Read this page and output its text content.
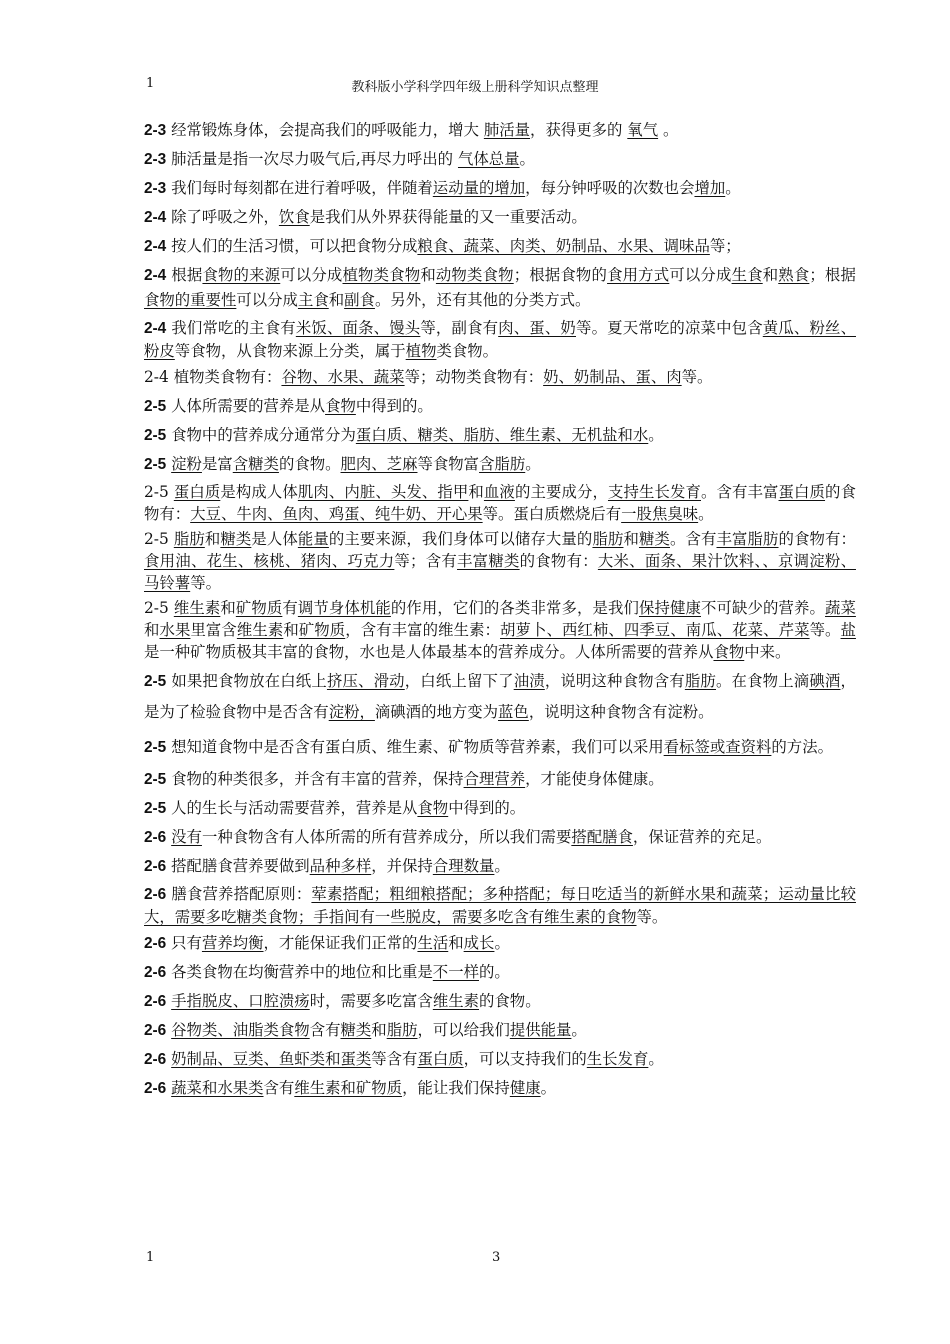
1	教科版小学科学四年级上册科学知识点整理

2-3 经常锻炼身体，会提高我们的呼吸能力，增大 肺活量，获得更多的 氧气 。

2-3 肺活量是指一次尽力吸气后,再尽力呼出的 气体总量。

2-3 我们每时每刻都在进行着呼吸，伴随着运动量的增加，每分钟呼吸的次数也会增加。

2-4 除了呼吸之外，饮食是我们从外界获得能量的又一重要活动。

2-4 按人们的生活习惯，可以把食物分成粮食、蔬菜、肉类、奶制品、水果、调味品等；

2-4 根据食物的来源可以分成植物类食物和动物类食物；根据食物的食用方式可以分成生食和熟食；根据食物的重要性可以分成主食和副食。另外，还有其他的分类方式。

2-4 我们常吃的主食有米饭、面条、馒头等，副食有肉、蛋、奶等。夏天常吃的凉菜中包含黄瓜、粉丝、粉皮等食物，从食物来源上分类，属于植物类食物。

2-4 植物类食物有：谷物、水果、蔬菜等；动物类食物有：奶、奶制品、蛋、肉等。

2-5 人体所需要的营养是从食物中得到的。

2-5 食物中的营养成分通常分为蛋白质、糖类、脂肪、维生素、无机盐和水。

2-5 淀粉是富含糖类的食物。肥肉、芝麻等食物富含脂肪。

2-5 蛋白质是构成人体肌肉、内脏、头发、指甲和血液的主要成分，支持生长发育。含有丰富蛋白质的食物有：大豆、牛肉、鱼肉、鸡蛋、纯牛奶、开心果等。蛋白质燃烧后有一股焦臭味。

2-5 脂肪和糖类是人体能量的主要来源，我们身体可以储存大量的脂肪和糖类。含有丰富脂肪的食物有：食用油、花生、核桃、猪肉、巧克力等；含有丰富糖类的食物有：大米、面条、果汁饮料、、京调淀粉、马铃薯等。

2-5 维生素和矿物质有调节身体机能的作用，它们的各类非常多，是我们保持健康不可缺少的营养。蔬菜和水果里富含维生素和矿物质，含有丰富的维生素：胡萝卜、西红柿、四季豆、南瓜、花菜、芹菜等。盐是一种矿物质极其丰富的食物，水也是人体最基本的营养成分。人体所需要的营养从食物中来。

2-5 如果把食物放在白纸上挤压、滑动，白纸上留下了油渍，说明这种食物含有脂肪。在食物上滴碘酒，是为了检验食物中是否含有淀粉，滴碘酒的地方变为蓝色，说明这种食物含有淀粉。

2-5 想知道食物中是否含有蛋白质、维生素、矿物质等营养素，我们可以采用看标签或查资料的方法。

2-5 食物的种类很多，并含有丰富的营养，保持合理营养，才能使身体健康。

2-5 人的生长与活动需要营养，营养是从食物中得到的。

2-6 没有一种食物含有人体所需的所有营养成分，所以我们需要搭配膳食，保证营养的充足。

2-6 搭配膳食营养要做到品种多样，并保持合理数量。

2-6 膳食营养搭配原则：荤素搭配；粗细粮搭配；多种搭配；每日吃适当的新鲜水果和蔬菜；运动量比较大，需要多吃糖类食物；手指间有一些脱皮，需要多吃含有维生素的食物等。

2-6 只有营养均衡，才能保证我们正常的生活和成长。

2-6 各类食物在均衡营养中的地位和比重是不一样的。

2-6 手指脱皮、口腔溃疡时，需要多吃富含维生素的食物。

2-6 谷物类、油脂类食物含有糖类和脂肪，可以给我们提供能量。

2-6 奶制品、豆类、鱼虾类和蛋类等含有蛋白质，可以支持我们的生长发育。

2-6 蔬菜和水果类含有维生素和矿物质，能让我们保持健康。

1	3
